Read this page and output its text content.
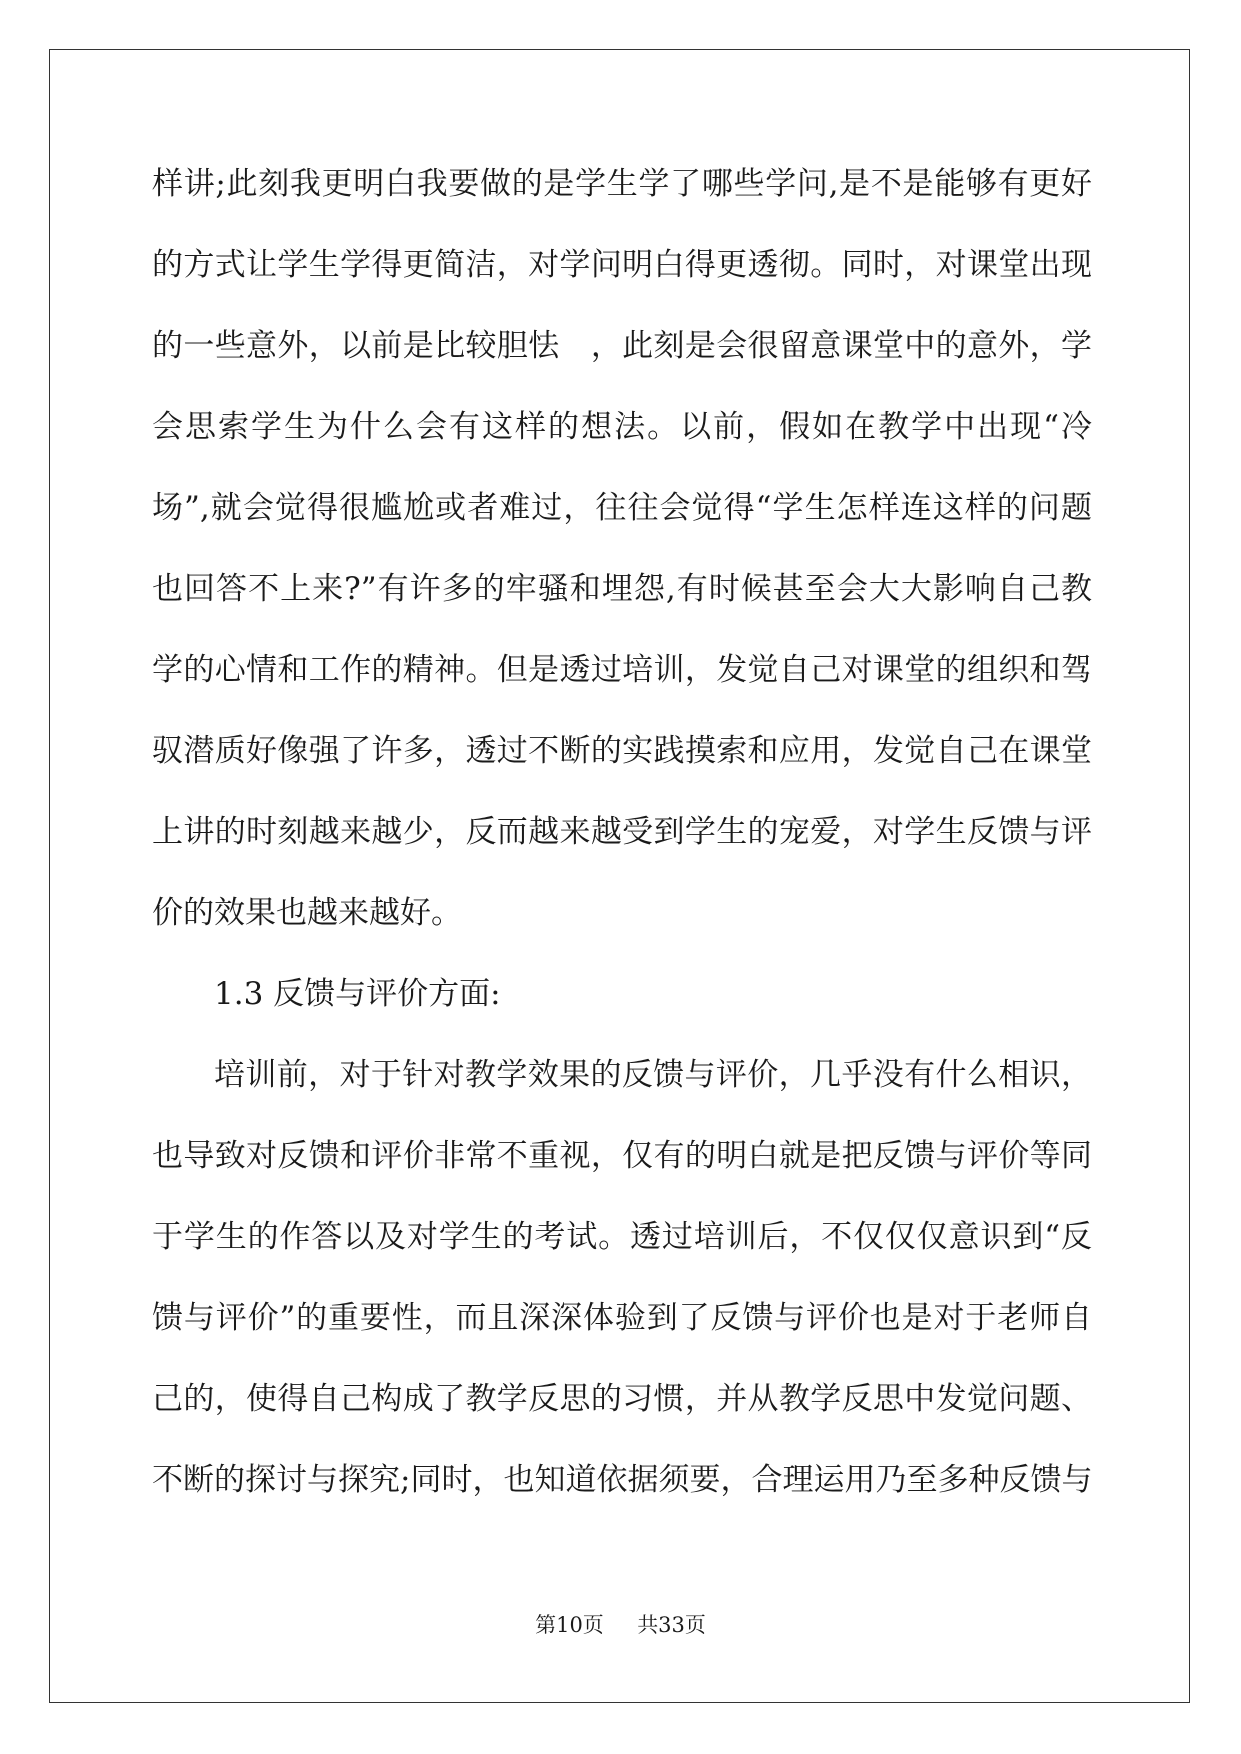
样讲;此刻我更明白我要做的是学生学了哪些学问,是不是能够有更好
的方式让学生学得更简洁，对学问明白得更透彻。同时，对课堂出现
的一些意外，以前是比较胆怯　，此刻是会很留意课堂中的意外，学
会思索学生为什么会有这样的想法。以前，假如在教学中出现“冷
场”,就会觉得很尴尬或者难过，往往会觉得“学生怎样连这样的问题
也回答不上来?”有许多的牢骚和埋怨,有时候甚至会大大影响自己教
学的心情和工作的精神。但是透过培训，发觉自己对课堂的组织和驾
驭潜质好像强了许多，透过不断的实践摸索和应用，发觉自己在课堂
上讲的时刻越来越少，反而越来越受到学生的宠爱，对学生反馈与评
价的效果也越来越好。
1.3 反馈与评价方面:
培训前，对于针对教学效果的反馈与评价，几乎没有什么相识，
也导致对反馈和评价非常不重视，仅有的明白就是把反馈与评价等同
于学生的作答以及对学生的考试。透过培训后，不仅仅仅意识到“反
馈与评价”的重要性，而且深深体验到了反馈与评价也是对于老师自
己的，使得自己构成了教学反思的习惯，并从教学反思中发觉问题、
不断的探讨与探究;同时，也知道依据须要，合理运用乃至多种反馈与
第10页 共33页
